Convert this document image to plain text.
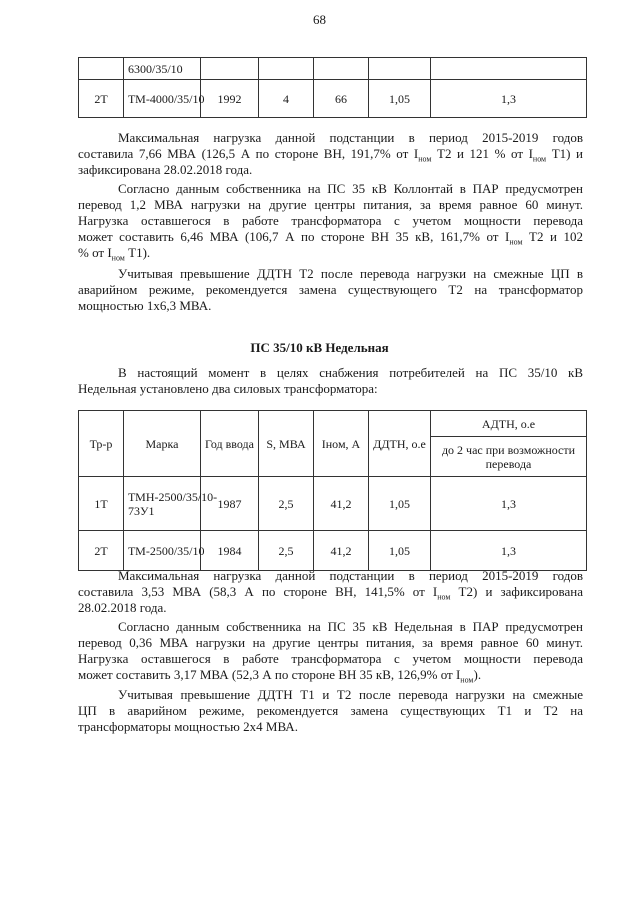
68
	6300/35/10					
2Т	ТМ-4000/35/10	1992	4	66	1,05	1,3
Максимальная нагрузка данной подстанции в период 2015-2019 годов
составила 7,66 МВА (126,5 А по стороне ВН, 191,7% от $I_{ном}$ Т2 и 121 % от $I_{ном}$ Т1) и
зафиксирована 28.02.2018 года.
Согласно данным собственника на ПС 35 кВ Коллонтай в ПАР предусмотрен
перевод 1,2 МВА нагрузки на другие центры питания, за время равное 60 минут.
Нагрузка оставшегося в работе трансформатора с учетом мощности перевода
может составить 6,46 МВА (106,7 А по стороне ВН 35 кВ, 161,7% от $I_{ном}$ Т2 и 102
% от $I_{ном}$ Т1).
Учитывая превышение ДДТН Т2 после перевода нагрузки на смежные ЦП в
аварийном режиме, рекомендуется замена существующего Т2 на трансформатор
мощностью 1х6,3 МВА.
ПС 35/10 кВ Недельная
В настоящий момент в целях снабжения потребителей на ПС 35/10 кВ
Недельная установлено два силовых трансформатора:
Тр-р	Марка	Год ввода	S, МВА	Iном, А	ДДТН, о.е	АДТН, о.е
						до 2 час при возможности перевода
1Т	ТМН-2500/35/10-73У1	1987	2,5	41,2	1,05	1,3
2Т	ТМ-2500/35/10	1984	2,5	41,2	1,05	1,3
Максимальная нагрузка данной подстанции в период 2015-2019 годов
составила 3,53 МВА (58,3 А по стороне ВН, 141,5% от $I_{ном}$ Т2) и зафиксирована
28.02.2018 года.
Согласно данным собственника на ПС 35 кВ Недельная в ПАР предусмотрен
перевод 0,36 МВА нагрузки на другие центры питания, за время равное 60 минут.
Нагрузка оставшегося в работе трансформатора с учетом мощности перевода
может составить 3,17 МВА (52,3 А по стороне ВН 35 кВ, 126,9% от $I_{ном}$).
Учитывая превышение ДДТН Т1 и Т2 после перевода нагрузки на смежные
ЦП в аварийном режиме, рекомендуется замена существующих Т1 и Т2 на
трансформаторы мощностью 2х4 МВА.
